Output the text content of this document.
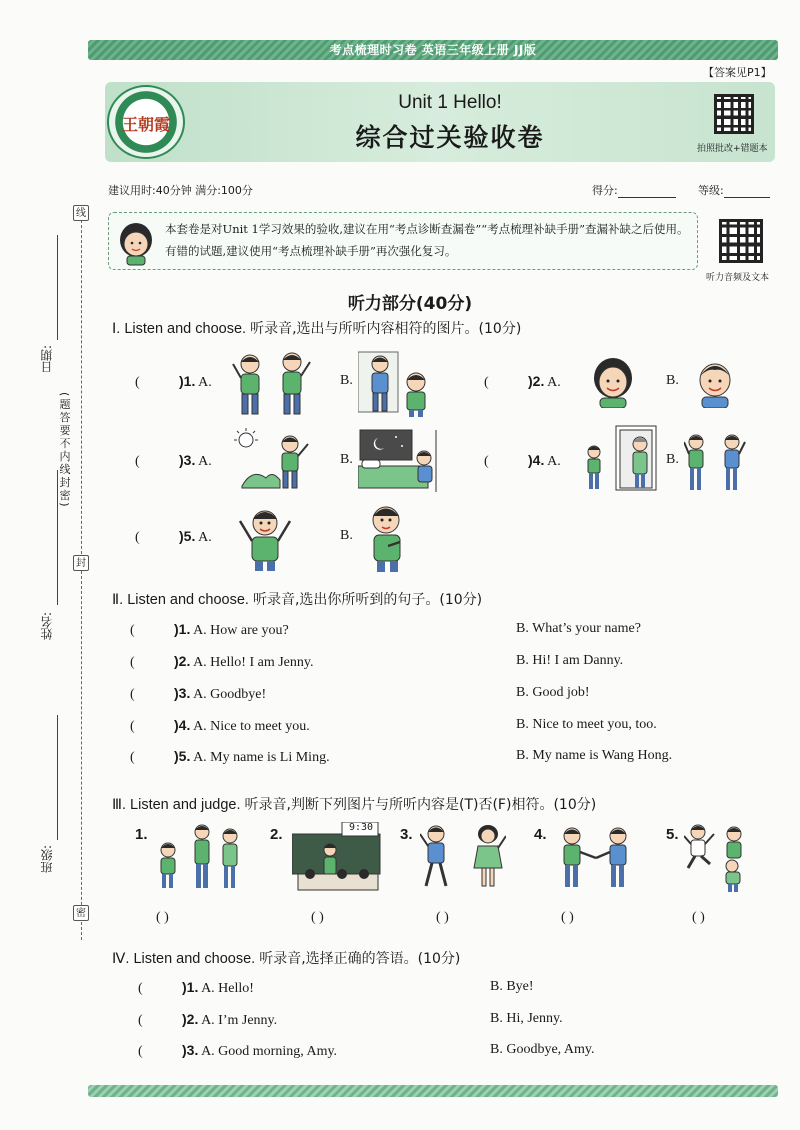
考点梳理时习卷 英语三年级上册 JJ版
【答案见P1】
王朝霞
Unit 1 Hello!
综合过关验收卷	拍照批改+错题本
建议用时:40分钟 满分:100分	得分:	等级:
本套卷是对Unit 1学习效果的验收,建议在用“考点诊断查漏卷”“考点梳理补缺手册”查漏补缺之后使用。有错的试题,建议使用“考点梳理补缺手册”再次强化复习。
听力音频及文本
线
封
密
日期:
(题答要不内线封密)
姓名:
班级:
听力部分(40分)
Ⅰ. Listen and choose. 听录音,选出与所听内容相符的图片。(10分)
(	)1. A.	B.	(	)2. A.	B.
(	)3. A.	B.	(	)4. A.	B.
(	)5. A.	B.
Ⅱ. Listen and choose. 听录音,选出你所听到的句子。(10分)
(	)1. A. How are you?	B. What’s your name?
(	)2. A. Hello! I am Jenny.	B. Hi! I am Danny.
(	)3. A. Goodbye!	B. Good job!
(	)4. A. Nice to meet you.	B. Nice to meet you, too.
(	)5. A. My name is Li Ming.	B. My name is Wang Hong.
Ⅲ. Listen and judge. 听录音,判断下列图片与所听内容是(T)否(F)相符。(10分)
1.	2.	3.	4.	5.
9:30
( )	( )	( )	( )	( )
Ⅳ. Listen and choose. 听录音,选择正确的答语。(10分)
(	)1. A. Hello!	B. Bye!
(	)2. A. I’m Jenny.	B. Hi, Jenny.
(	)3. A. Good morning, Amy.	B. Goodbye, Amy.
